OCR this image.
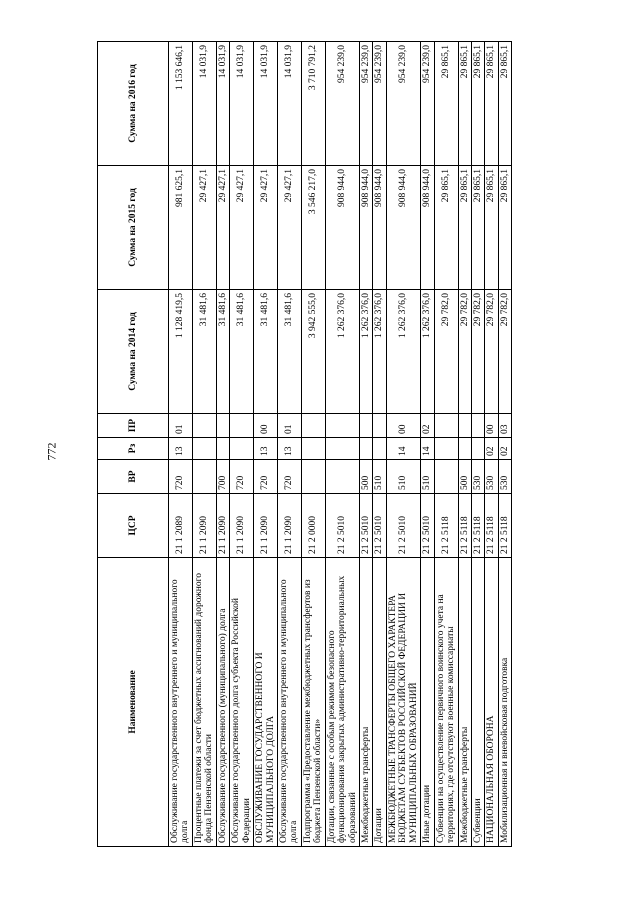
772
Наименование	ЦСР	ВР	Рз	ПР	Сумма на 2014 год	Сумма на 2015 год	Сумма на 2016 год
Обслуживание государственного внутреннего и муниципального долга	21 1 2089	720	13	01	1 128 419,5	981 625,1	1 153 646,1
Процентные платежи за счет бюджетных ассигнований дорожного фонда Пензенской области	21 1 2090				31 481,6	29 427,1	14 031,9
Обслуживание государственного (муниципального) долга	21 1 2090	700			31 481,6	29 427,1	14 031,9
Обслуживание государственного долга субъекта Российской Федерации	21 1 2090	720			31 481,6	29 427,1	14 031,9
ОБСЛУЖИВАНИЕ ГОСУДАРСТВЕННОГО И МУНИЦИПАЛЬНОГО ДОЛГА	21 1 2090	720	13	00	31 481,6	29 427,1	14 031,9
Обслуживание государственного внутреннего и муниципального долга	21 1 2090	720	13	01	31 481,6	29 427,1	14 031,9
Подпрограмма «Предоставление межбюджетных трансфертов из бюджета Пензенской области»	21 2 0000				3 942 555,0	3 546 217,0	3 710 791,2
Дотации, связанные с особым режимом безопасного функционирования закрытых административно-территориальных образований	21 2 5010				1 262 376,0	908 944,0	954 239,0
Межбюджетные трансферты	21 2 5010	500			1 262 376,0	908 944,0	954 239,0
Дотации	21 2 5010	510			1 262 376,0	908 944,0	954 239,0
МЕЖБЮДЖЕТНЫЕ ТРАНСФЕРТЫ ОБЩЕГО ХАРАКТЕРА БЮДЖЕТАМ СУБЪЕКТОВ РОССИЙСКОЙ ФЕДЕРАЦИИ И МУНИЦИПАЛЬНЫХ ОБРАЗОВАНИЙ	21 2 5010	510	14	00	1 262 376,0	908 944,0	954 239,0
Иные дотации	21 2 5010	510	14	02	1 262 376,0	908 944,0	954 239,0
Субвенции на осуществление первичного воинского учета на территориях, где отсутствуют военные комиссариаты	21 2 5118				29 782,0	29 865,1	29 865,1
Межбюджетные трансферты	21 2 5118	500			29 782,0	29 865,1	29 865,1
Субвенции	21 2 5118	530			29 782,0	29 865,1	29 865,1
НАЦИОНАЛЬНАЯ ОБОРОНА	21 2 5118	530	02	00	29 782,0	29 865,1	29 865,1
Мобилизационная и вневойсковая подготовка	21 2 5118	530	02	03	29 782,0	29 865,1	29 865,1
